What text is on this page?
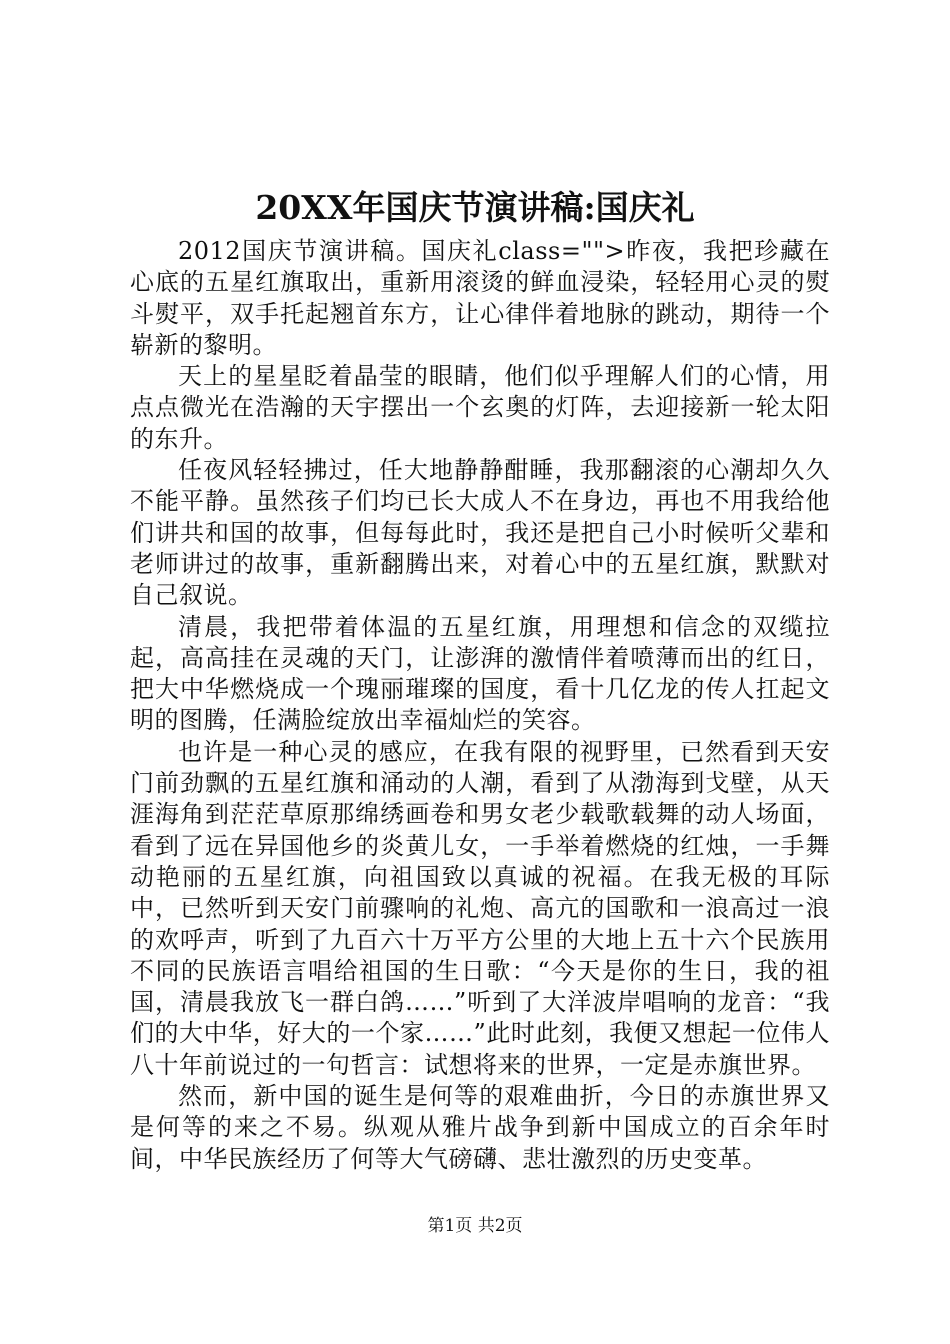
20XX年国庆节演讲稿:国庆礼

2012国庆节演讲稿。国庆礼class="">昨夜，我把珍藏在心底的五星红旗取出，重新用滚烫的鲜血浸染，轻轻用心灵的熨斗熨平，双手托起翘首东方，让心律伴着地脉的跳动，期待一个崭新的黎明。

天上的星星眨着晶莹的眼睛，他们似乎理解人们的心情，用点点微光在浩瀚的天宇摆出一个玄奥的灯阵，去迎接新一轮太阳的东升。

任夜风轻轻拂过，任大地静静酣睡，我那翻滚的心潮却久久不能平静。虽然孩子们均已长大成人不在身边，再也不用我给他们讲共和国的故事，但每每此时，我还是把自己小时候听父辈和老师讲过的故事，重新翻腾出来，对着心中的五星红旗，默默对自己叙说。

清晨，我把带着体温的五星红旗，用理想和信念的双缆拉起，高高挂在灵魂的天门，让澎湃的激情伴着喷薄而出的红日，把大中华燃烧成一个瑰丽璀璨的国度，看十几亿龙的传人扛起文明的图腾，任满脸绽放出幸福灿烂的笑容。

也许是一种心灵的感应，在我有限的视野里，已然看到天安门前劲飘的五星红旗和涌动的人潮，看到了从渤海到戈壁，从天涯海角到茫茫草原那绵绣画卷和男女老少载歌载舞的动人场面，看到了远在异国他乡的炎黄儿女，一手举着燃烧的红烛，一手舞动艳丽的五星红旗，向祖国致以真诚的祝福。在我无极的耳际中，已然听到天安门前骤响的礼炮、高亢的国歌和一浪高过一浪的欢呼声，听到了九百六十万平方公里的大地上五十六个民族用不同的民族语言唱给祖国的生日歌：“今天是你的生日，我的祖国，清晨我放飞一群白鸽……”听到了大洋波岸唱响的龙音：“我们的大中华，好大的一个家……”此时此刻，我便又想起一位伟人八十年前说过的一句哲言：试想将来的世界，一定是赤旗世界。

然而，新中国的诞生是何等的艰难曲折，今日的赤旗世界又是何等的来之不易。纵观从雅片战争到新中国成立的百余年时间，中华民族经历了何等大气磅礴、悲壮激烈的历史变革。

第1页 共2页
